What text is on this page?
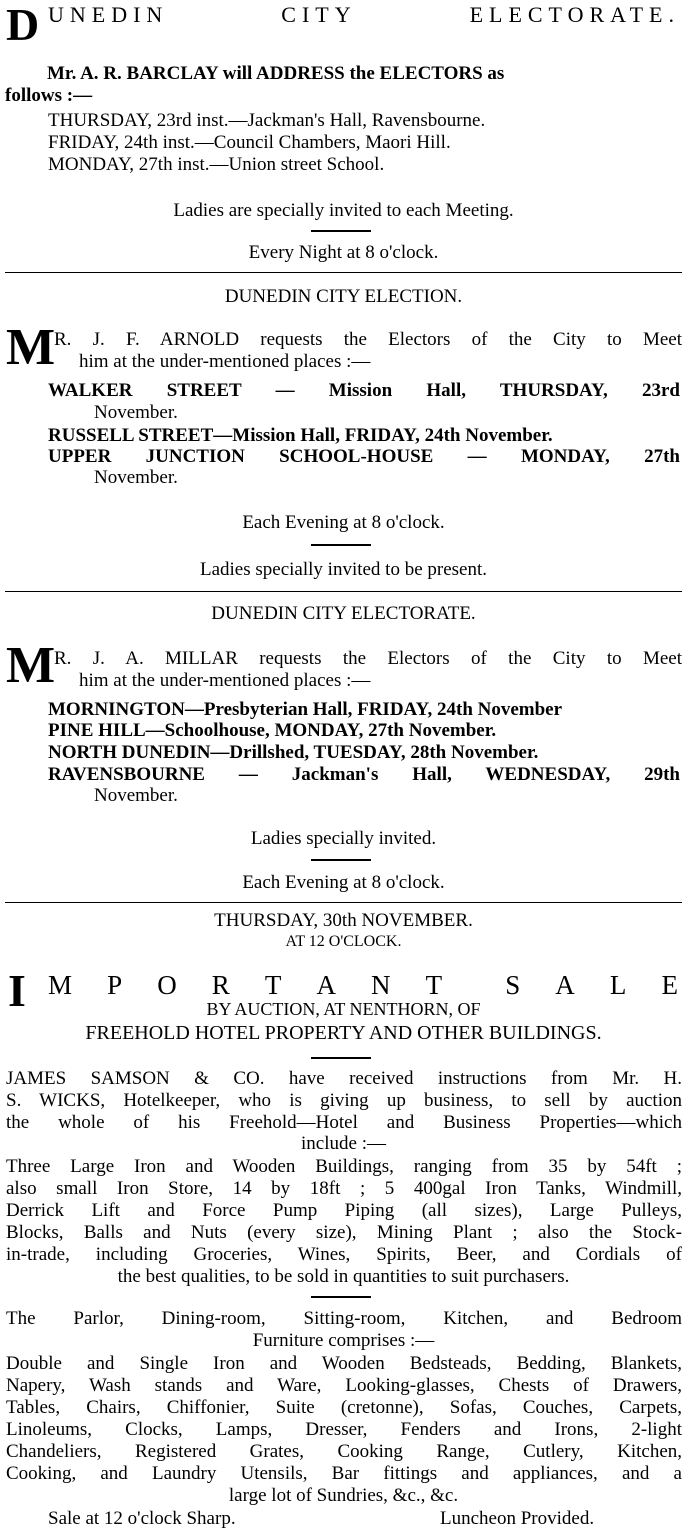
D UNEDIN	CITY	ELECTORATE.
Mr. A. R. BARCLAY will ADDRESS the ELECTORS as
follows :—
THURSDAY, 23rd inst.—Jackman's Hall, Ravensbourne.
FRIDAY, 24th inst.—Council Chambers, Maori Hill.
MONDAY, 27th inst.—Union street School.
Ladies are specially invited to each Meeting.
Every Night at 8 o'clock.
DUNEDIN CITY ELECTION.
M
R. J. F. ARNOLD requests the Electors of the City to Meet
him at the under-mentioned places :—
WALKER STREET — Mission Hall, THURSDAY, 23rd
November.
RUSSELL STREET—Mission Hall, FRIDAY, 24th November.
UPPER JUNCTION SCHOOL-HOUSE — MONDAY, 27th
November.
Each Evening at 8 o'clock.
Ladies specially invited to be present.
DUNEDIN CITY ELECTORATE.
M
R. J. A. MILLAR requests the Electors of the City to Meet
him at the under-mentioned places :—
MORNINGTON—Presbyterian Hall, FRIDAY, 24th November
PINE HILL—Schoolhouse, MONDAY, 27th November.
NORTH DUNEDIN—Drillshed, TUESDAY, 28th November.
RAVENSBOURNE — Jackman's Hall, WEDNESDAY, 29th
November.
Ladies specially invited.
Each Evening at 8 o'clock.
THURSDAY, 30th NOVEMBER.
AT 12 O'CLOCK.
I M P O R T A N T S A L E
BY AUCTION, AT NENTHORN, OF
FREEHOLD HOTEL PROPERTY AND OTHER BUILDINGS.
JAMES SAMSON & CO. have received instructions from Mr. H.
S. WICKS, Hotelkeeper, who is giving up business, to sell by auction
the whole of his Freehold—Hotel and Business Properties—which
include :—
Three Large Iron and Wooden Buildings, ranging from 35 by 54ft ;
also small Iron Store, 14 by 18ft ; 5 400gal Iron Tanks, Windmill,
Derrick Lift and Force Pump Piping (all sizes), Large Pulleys,
Blocks, Balls and Nuts (every size), Mining Plant ; also the Stock-
in-trade, including Groceries, Wines, Spirits, Beer, and Cordials of
the best qualities, to be sold in quantities to suit purchasers.
The Parlor, Dining-room, Sitting-room, Kitchen, and Bedroom
Furniture comprises :—
Double and Single Iron and Wooden Bedsteads, Bedding, Blankets,
Napery, Wash stands and Ware, Looking-glasses, Chests of Drawers,
Tables, Chairs, Chiffonier, Suite (cretonne), Sofas, Couches, Carpets,
Linoleums, Clocks, Lamps, Dresser, Fenders and Irons, 2-light
Chandeliers, Registered Grates, Cooking Range, Cutlery, Kitchen,
Cooking, and Laundry Utensils, Bar fittings and appliances, and a
large lot of Sundries, &c., &c.
Sale at 12 o'clock Sharp.	Luncheon Provided.
